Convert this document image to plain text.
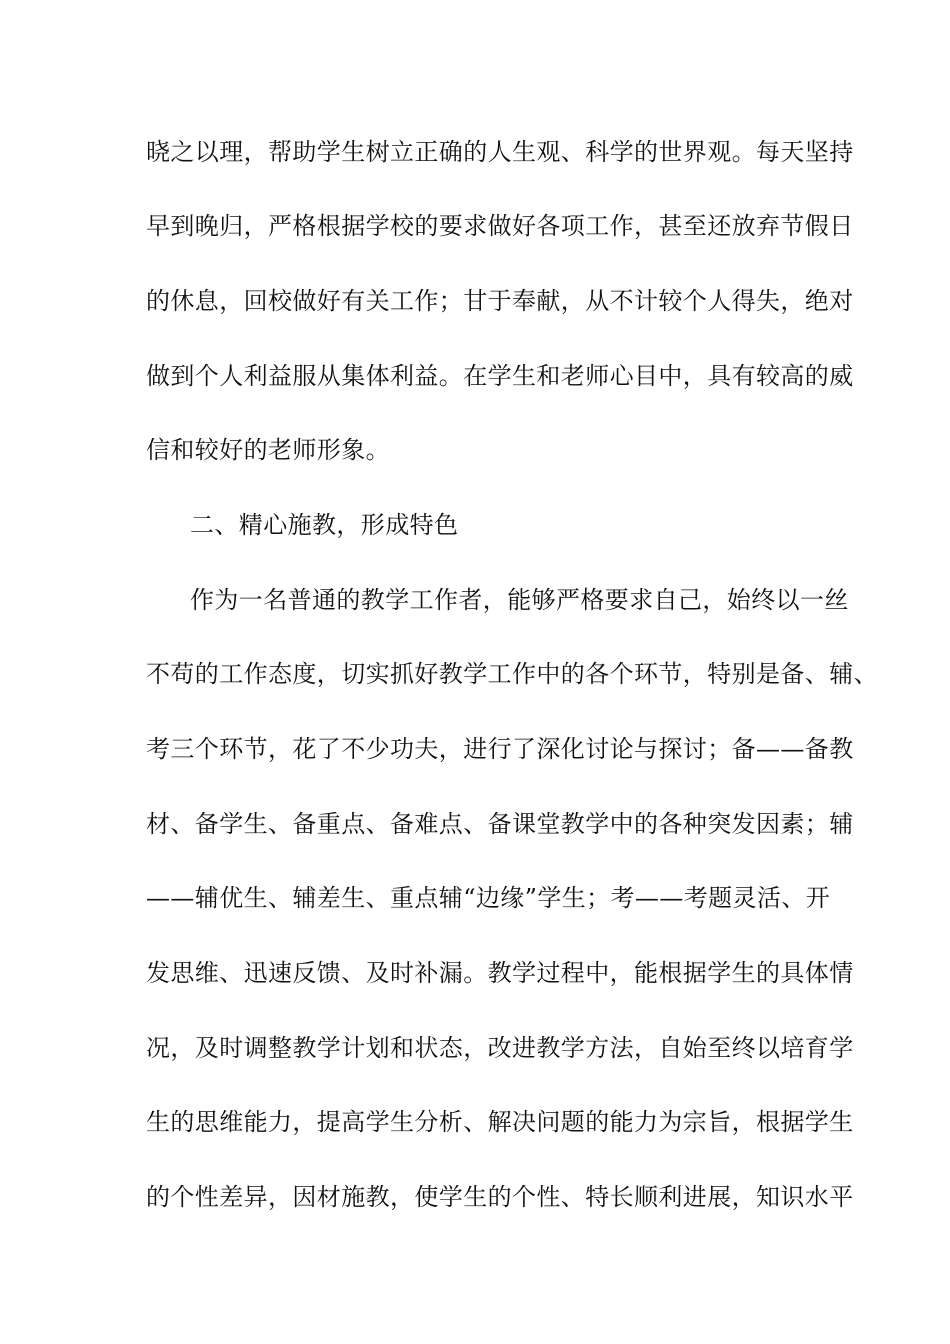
晓之以理，帮助学生树立正确的人生观、科学的世界观。每天坚持
早到晚归，严格根据学校的要求做好各项工作，甚至还放弃节假日
的休息，回校做好有关工作；甘于奉献，从不计较个人得失，绝对
做到个人利益服从集体利益。在学生和老师心目中，具有较高的威
信和较好的老师形象。
二、精心施教，形成特色
作为一名普通的教学工作者，能够严格要求自己，始终以一丝
不苟的工作态度，切实抓好教学工作中的各个环节，特别是备、辅、
考三个环节，花了不少功夫，进行了深化讨论与探讨；备——备教
材、备学生、备重点、备难点、备课堂教学中的各种突发因素；辅
——辅优生、辅差生、重点辅“边缘”学生；考——考题灵活、开
发思维、迅速反馈、及时补漏。教学过程中，能根据学生的具体情
况，及时调整教学计划和状态，改进教学方法，自始至终以培育学
生的思维能力，提高学生分析、解决问题的能力为宗旨，根据学生
的个性差异，因材施教，使学生的个性、特长顺利进展，知识水平
